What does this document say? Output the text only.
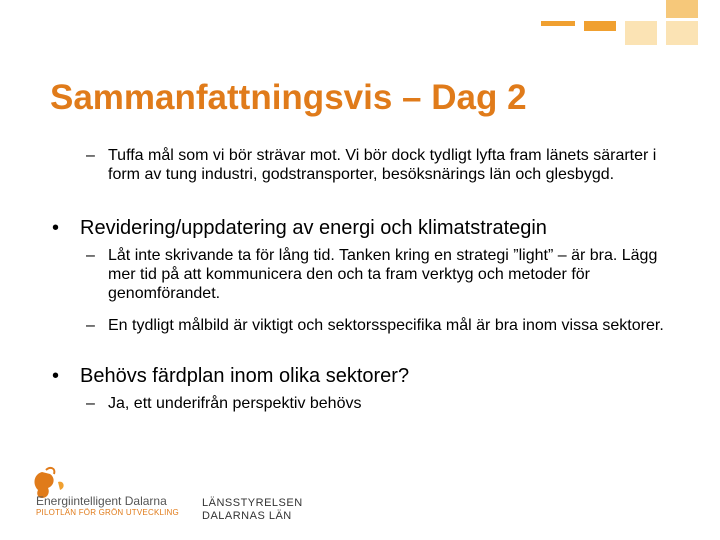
Sammanfattningsvis – Dag 2
– Tuffa mål som vi bör strävar mot. Vi bör dock tydligt lyfta fram länets särarter i form av tung industri, godstransporter, besöksnärings län och glesbygd.
•	Revidering/uppdatering av energi och klimatstrategin
– Låt inte skrivande ta för lång tid. Tanken kring en strategi ”light” – är bra. Lägg mer tid på att kommunicera den och ta fram verktyg och metoder för genomförandet.
– En tydligt målbild är viktigt och sektorsspecifika mål är bra inom vissa sektorer.
•	Behövs färdplan inom olika sektorer?
– Ja, ett underifrån perspektiv behövs
Energiintelligent Dalarna
PILOTLÄN FÖR GRÖN UTVECKLING
LÄNSSTYRELSEN
DALARNAS LÄN
